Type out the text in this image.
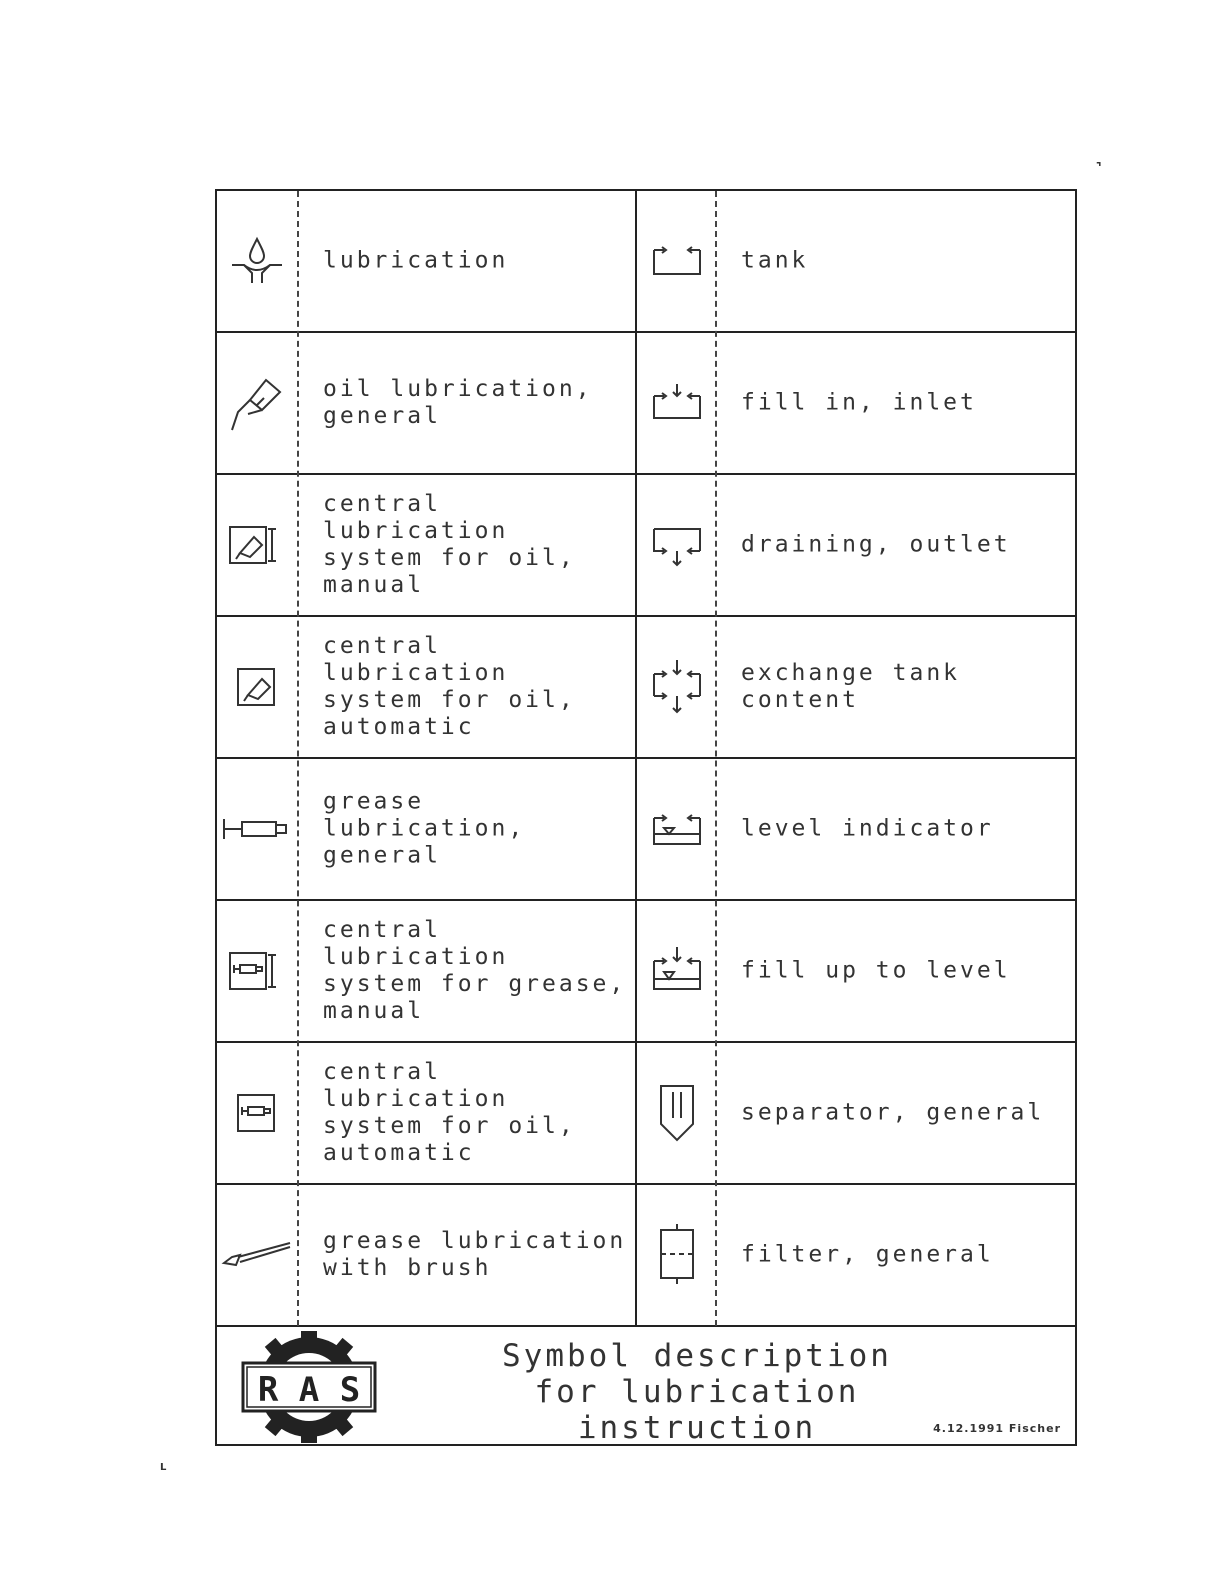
⌝
L
lubrication	tank
oil lubrication,
general
fill in, inlet
central lubrication
system for oil,
manual
draining, outlet
central lubrication
system for oil,
automatic
exchange tank content
grease lubrication,
general
level indicator
central lubrication
system for grease,
manual
fill up to level
central lubrication
system for oil,
automatic
separator, general
grease lubrication
with brush
filter, general
R A S
Symbol description
for lubrication instruction	4.12.1991 Fischer
